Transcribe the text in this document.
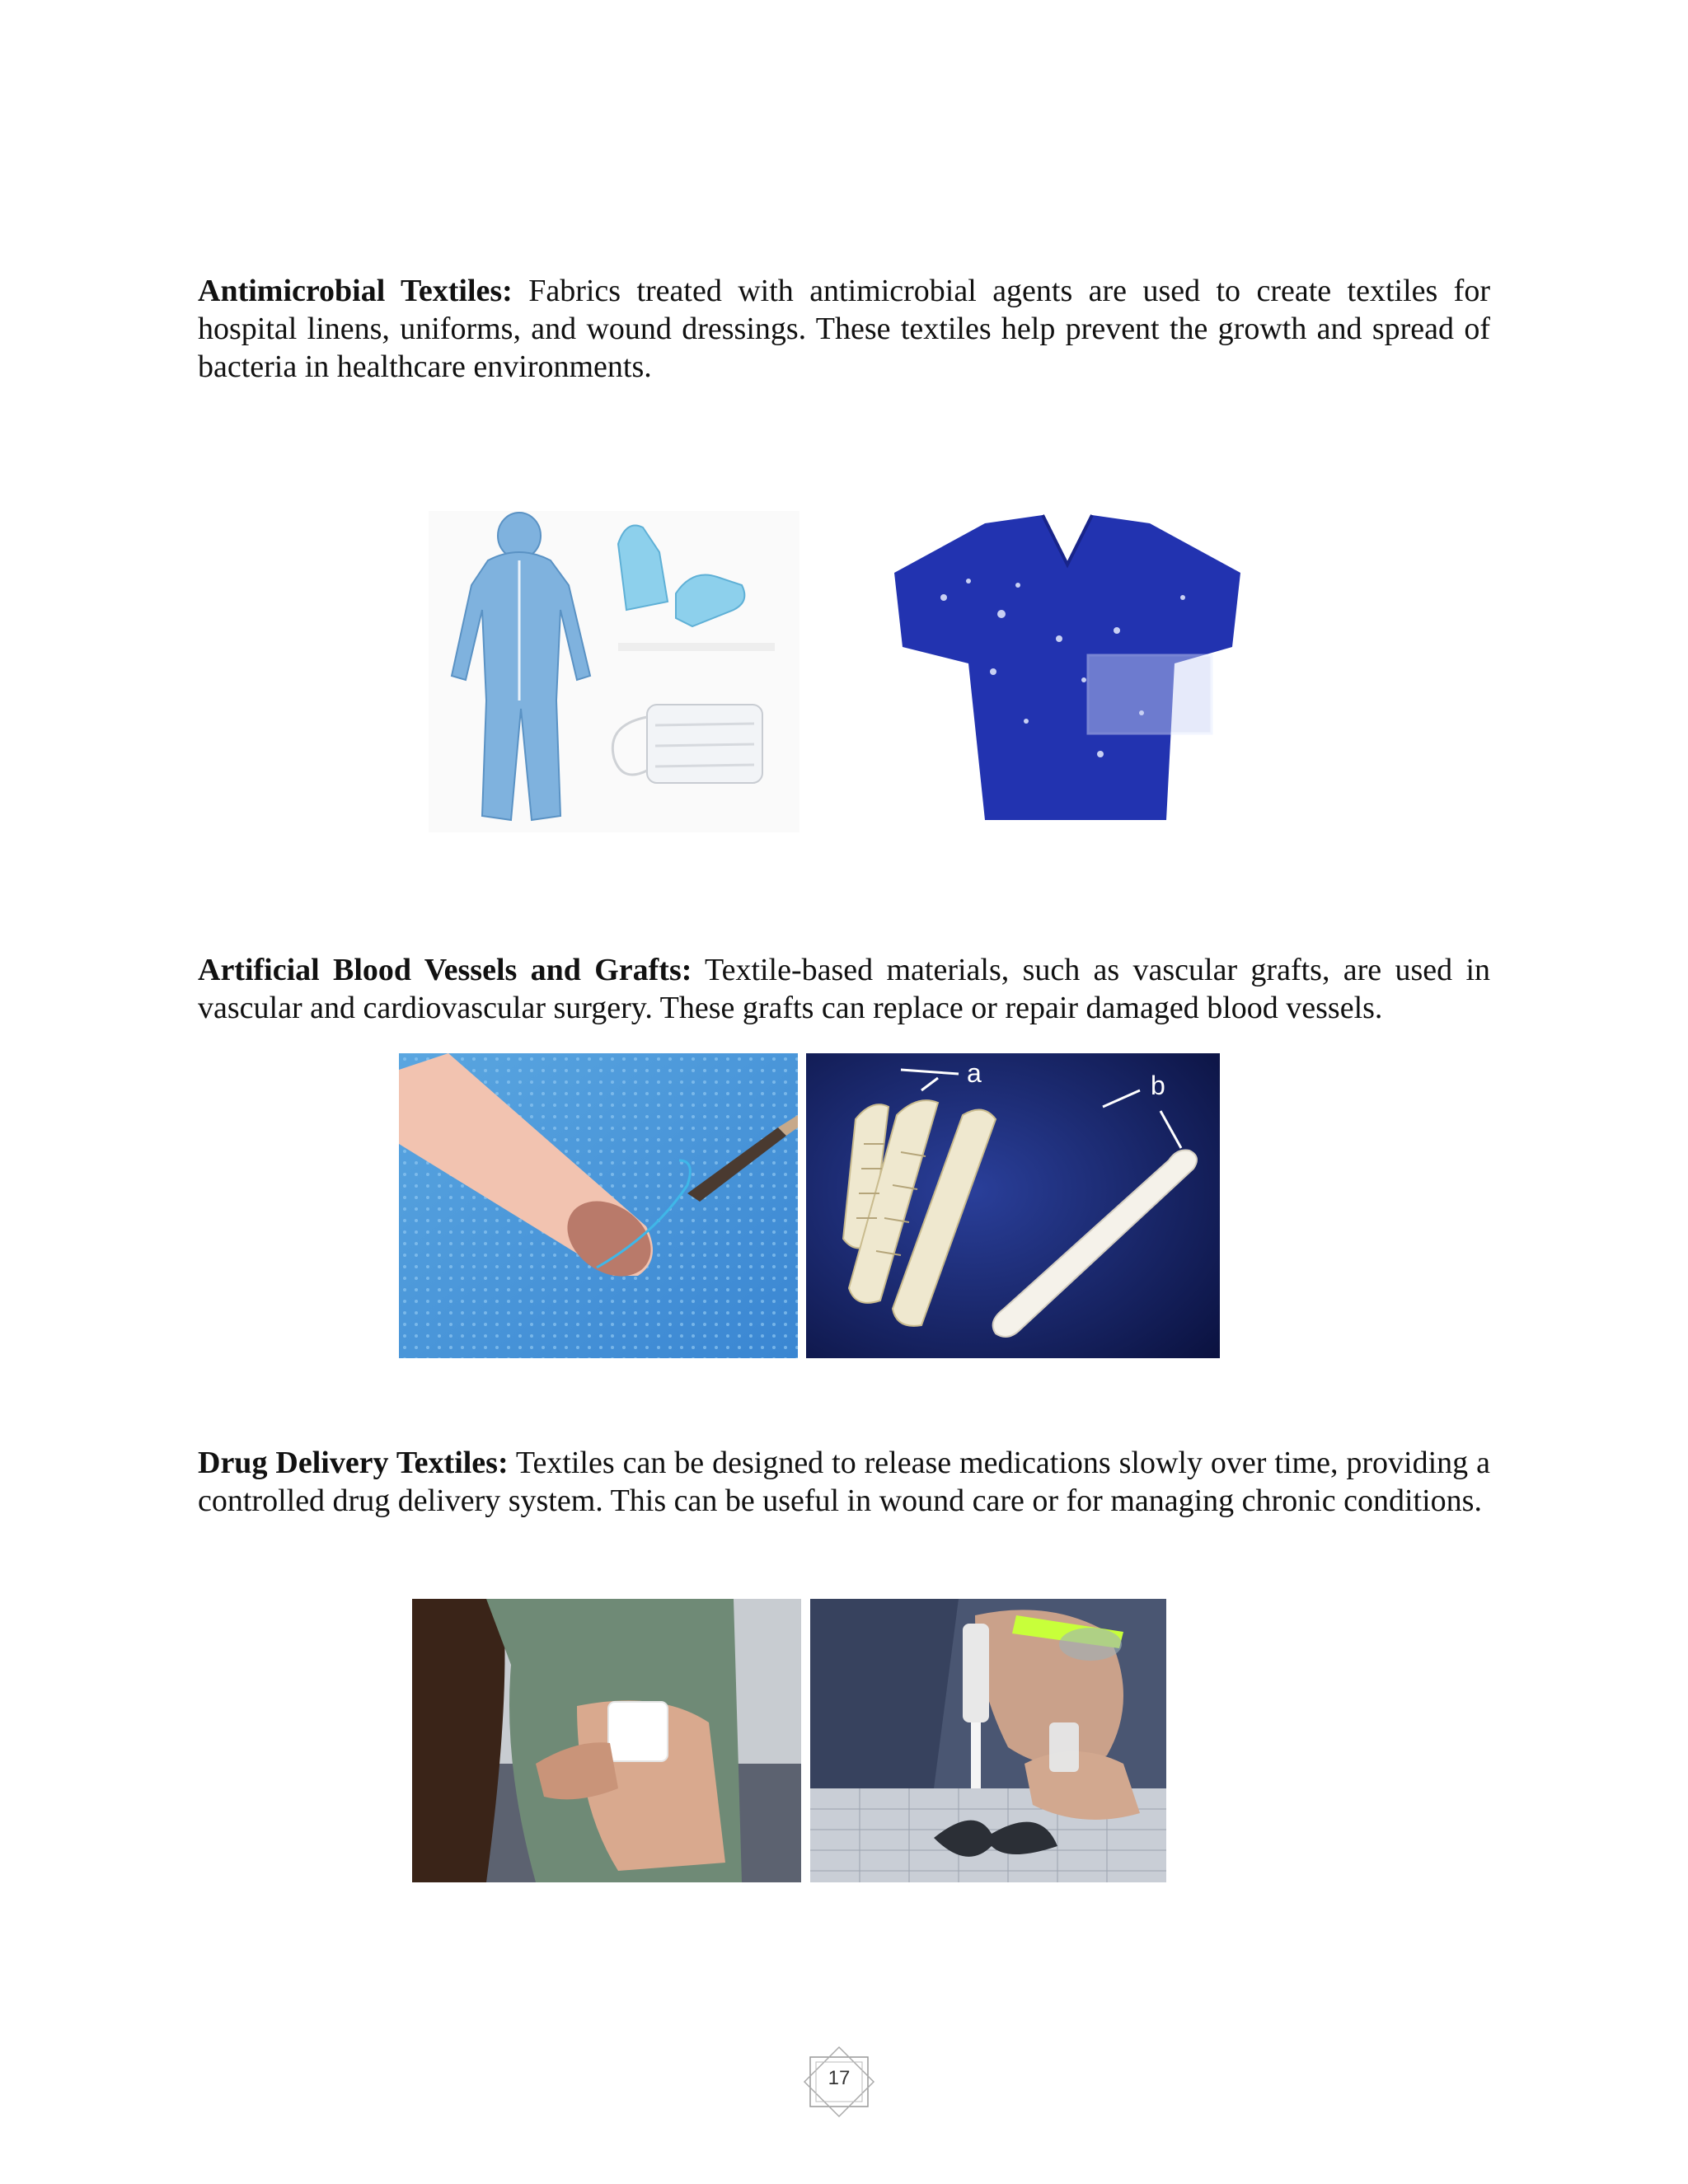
Antimicrobial Textiles: Fabrics treated with antimicrobial agents are used to create textiles for hospital linens, uniforms, and wound dressings. These textiles help prevent the growth and spread of bacteria in healthcare environments.

Artificial Blood Vessels and Grafts: Textile-based materials, such as vascular grafts, are used in vascular and cardiovascular surgery. These grafts can replace or repair damaged blood vessels.

a	b

Drug Delivery Textiles: Textiles can be designed to release medications slowly over time, providing a controlled drug delivery system. This can be useful in wound care or for managing chronic conditions.

17
